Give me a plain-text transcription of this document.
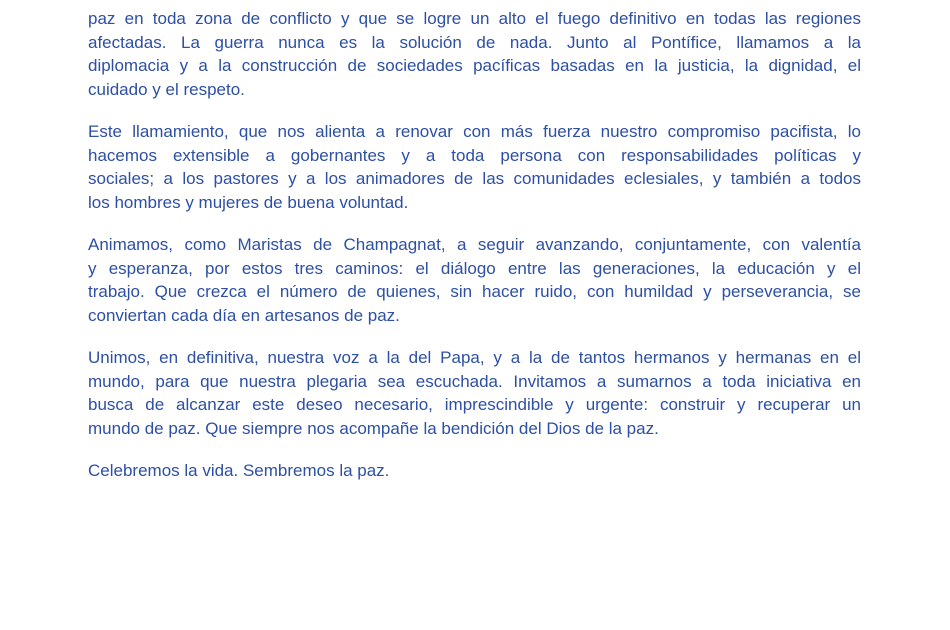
paz en toda zona de conflicto y que se logre un alto el fuego definitivo en todas las regiones
afectadas. La guerra nunca es la solución de nada. Junto al Pontífice, llamamos a la
diplomacia y a la construcción de sociedades pacíficas basadas en la justicia, la dignidad, el
cuidado y el respeto.
Este llamamiento, que nos alienta a renovar con más fuerza nuestro compromiso pacifista, lo
hacemos extensible a gobernantes y a toda persona con responsabilidades políticas y
sociales; a los pastores y a los animadores de las comunidades eclesiales, y también a todos
los hombres y mujeres de buena voluntad.
Animamos, como Maristas de Champagnat, a seguir avanzando, conjuntamente, con valentía
y esperanza, por estos tres caminos: el diálogo entre las generaciones, la educación y el
trabajo. Que crezca el número de quienes, sin hacer ruido, con humildad y perseverancia, se
conviertan cada día en artesanos de paz.
Unimos, en definitiva, nuestra voz a la del Papa, y a la de tantos hermanos y hermanas en el
mundo, para que nuestra plegaria sea escuchada. Invitamos a sumarnos a toda iniciativa en
busca de alcanzar este deseo necesario, imprescindible y urgente: construir y recuperar un
mundo de paz. Que siempre nos acompañe la bendición del Dios de la paz.
Celebremos la vida. Sembremos la paz.
